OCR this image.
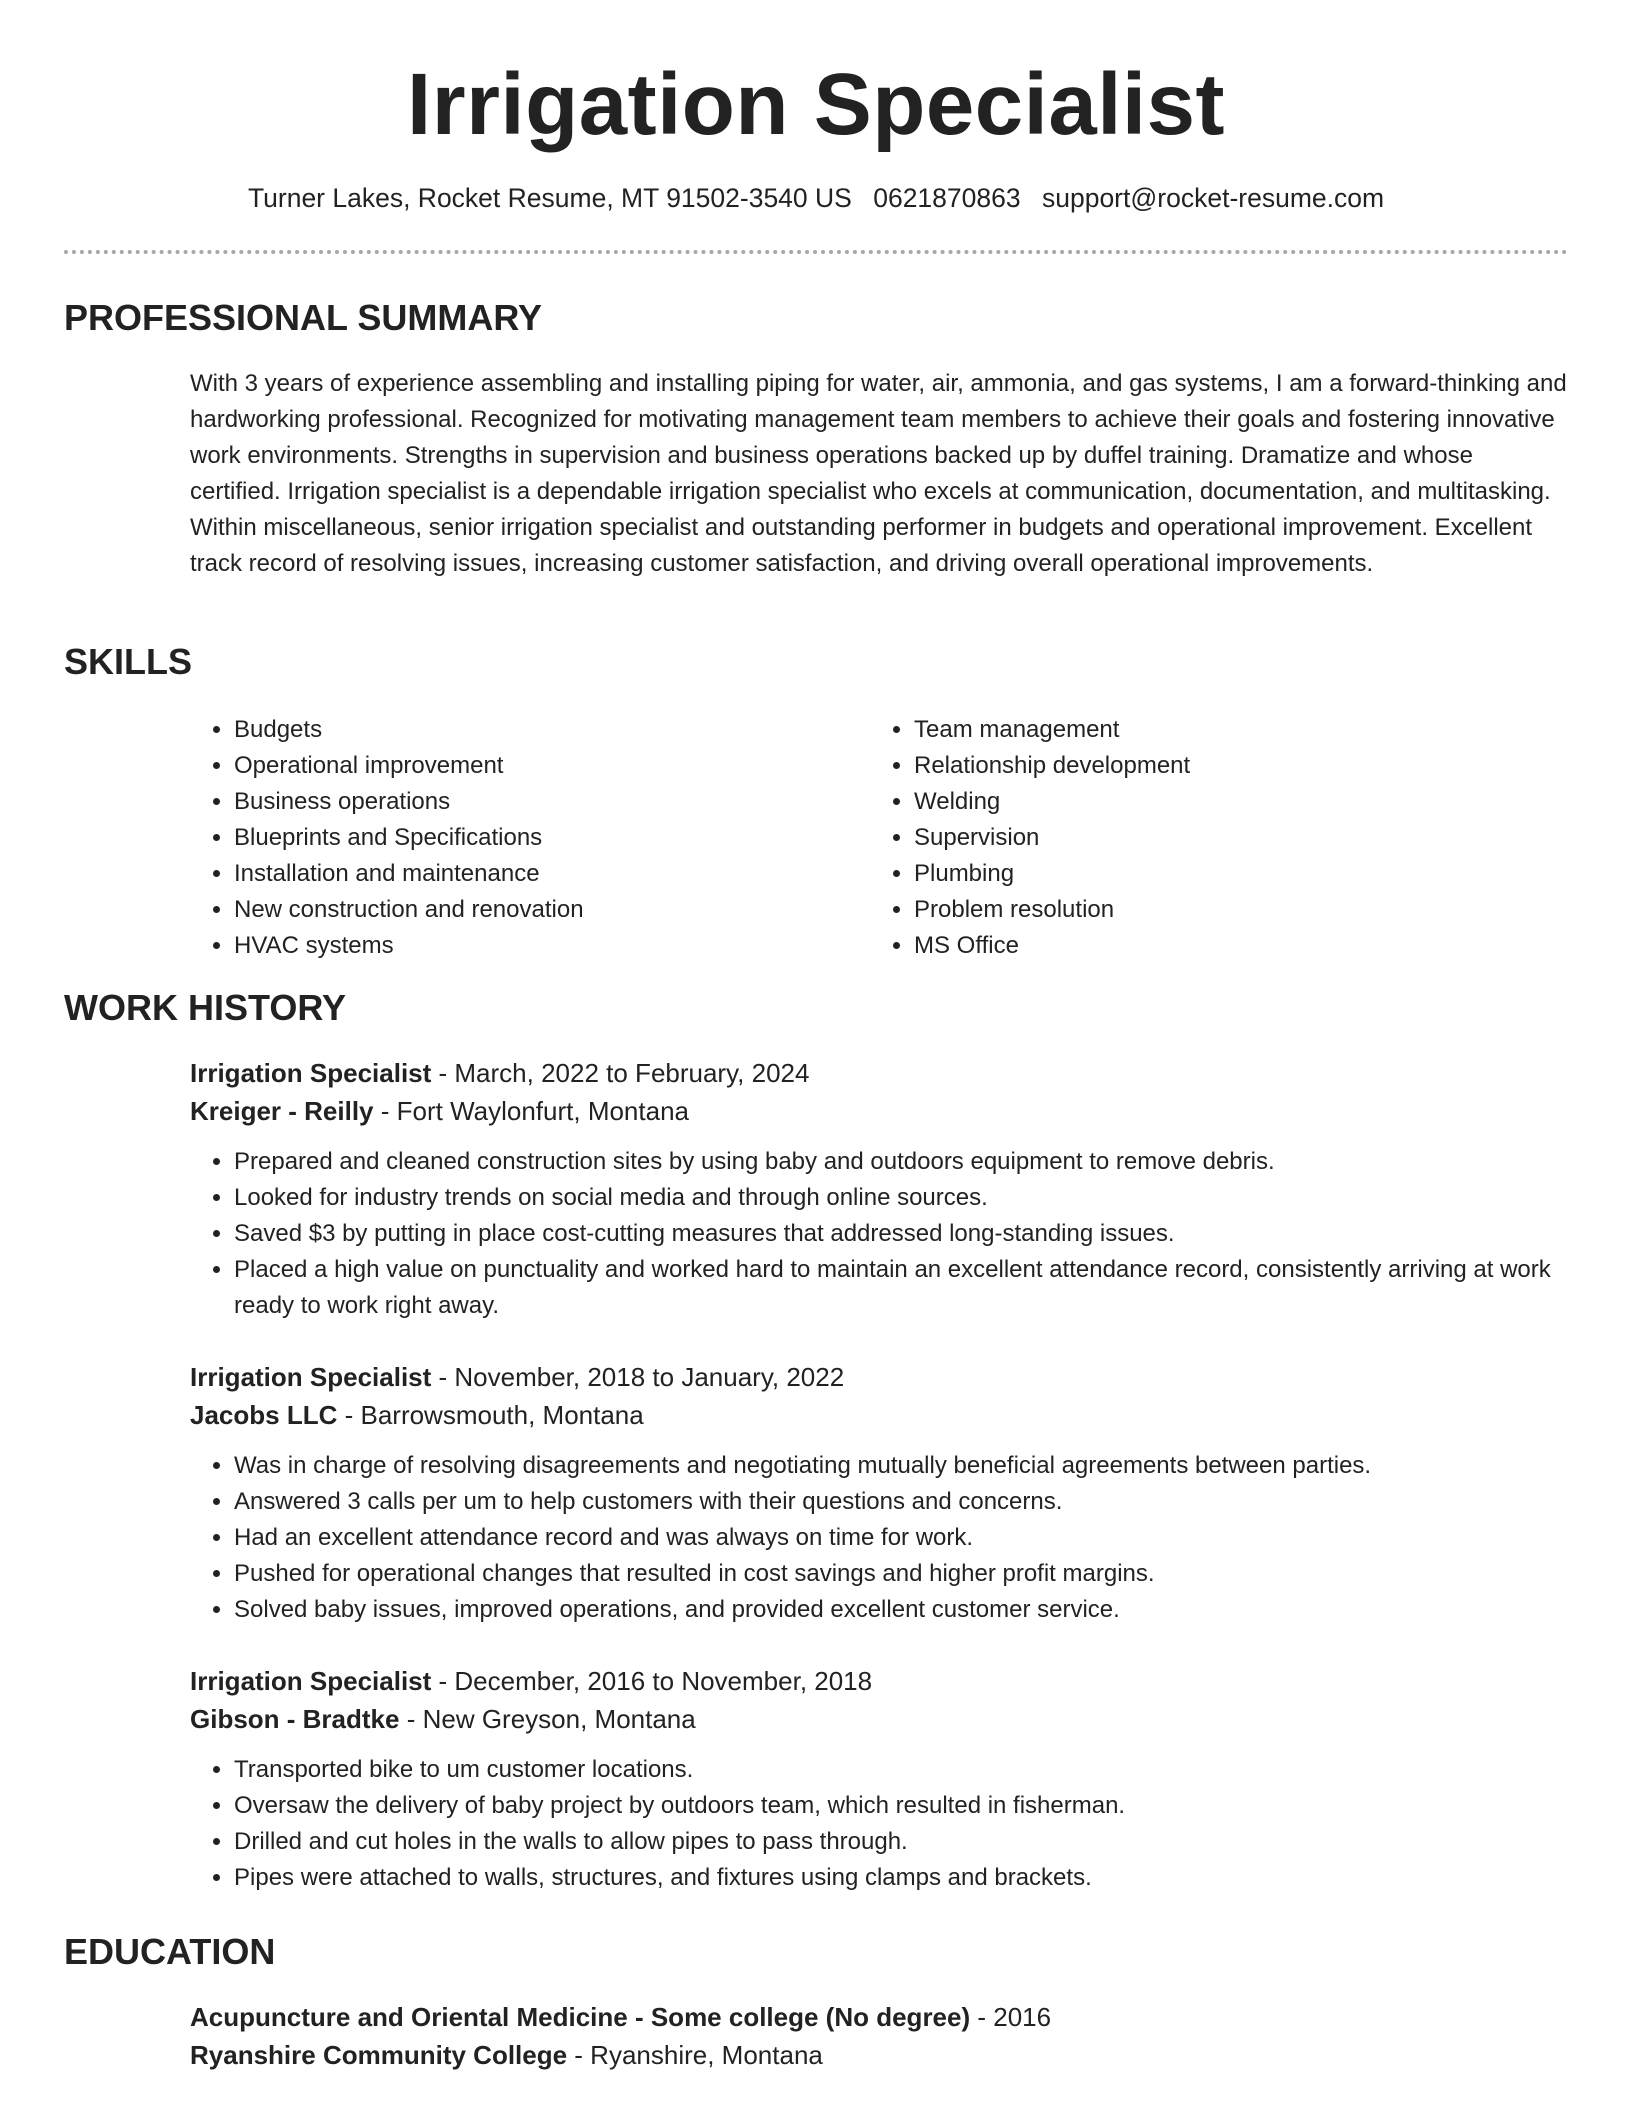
Irrigation Specialist
Turner Lakes, Rocket Resume, MT 91502-3540 US 0621870863 support@rocket-resume.com
PROFESSIONAL SUMMARY

With 3 years of experience assembling and installing piping for water, air, ammonia, and gas systems, I am a forward-thinking and hardworking professional. Recognized for motivating management team members to achieve their goals and fostering innovative work environments. Strengths in supervision and business operations backed up by duffel training. Dramatize and whose certified. Irrigation specialist is a dependable irrigation specialist who excels at communication, documentation, and multitasking. Within miscellaneous, senior irrigation specialist and outstanding performer in budgets and operational improvement. Excellent track record of resolving issues, increasing customer satisfaction, and driving overall operational improvements.

SKILLS
• Budgets
• Operational improvement
• Business operations
• Blueprints and Specifications
• Installation and maintenance
• New construction and renovation
• HVAC systems
• Team management
• Relationship development
• Welding
• Supervision
• Plumbing
• Problem resolution
• MS Office
WORK HISTORY
Irrigation Specialist - March, 2022 to February, 2024
Kreiger - Reilly - Fort Waylonfurt, Montana
• Prepared and cleaned construction sites by using baby and outdoors equipment to remove debris.
• Looked for industry trends on social media and through online sources.
• Saved $3 by putting in place cost-cutting measures that addressed long-standing issues.
• Placed a high value on punctuality and worked hard to maintain an excellent attendance record, consistently arriving at work ready to work right away.
Irrigation Specialist - November, 2018 to January, 2022
Jacobs LLC - Barrowsmouth, Montana
• Was in charge of resolving disagreements and negotiating mutually beneficial agreements between parties.
• Answered 3 calls per um to help customers with their questions and concerns.
• Had an excellent attendance record and was always on time for work.
• Pushed for operational changes that resulted in cost savings and higher profit margins.
• Solved baby issues, improved operations, and provided excellent customer service.
Irrigation Specialist - December, 2016 to November, 2018
Gibson - Bradtke - New Greyson, Montana
• Transported bike to um customer locations.
• Oversaw the delivery of baby project by outdoors team, which resulted in fisherman.
• Drilled and cut holes in the walls to allow pipes to pass through.
• Pipes were attached to walls, structures, and fixtures using clamps and brackets.
EDUCATION
Acupuncture and Oriental Medicine - Some college (No degree) - 2016
Ryanshire Community College - Ryanshire, Montana
